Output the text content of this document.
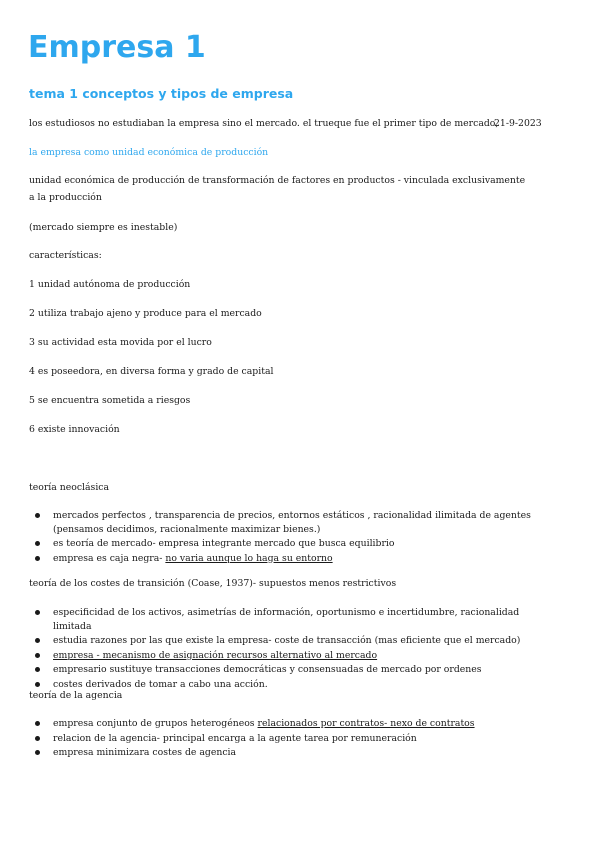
Empresa 1
tema 1 conceptos y tipos de empresa
los estudiosos no estudiaban la empresa sino el mercado. el trueque fue el primer tipo de mercado,
21-9-2023
la empresa como unidad económica de producción
unidad económica de producción de transformación de factores en productos - vinculada exclusivamente a la producción
(mercado siempre es inestable)
características:
1 unidad autónoma de producción
2 utiliza trabajo ajeno y produce para el mercado
3 su actividad esta movida por el lucro
4 es poseedora, en diversa forma y grado de capital
5 se encuentra sometida a riesgos
6 existe innovación
teoría neoclásica
mercados perfectos , transparencia de precios, entornos estáticos , racionalidad ilimitada de agentes (pensamos decidimos, racionalmente maximizar bienes.)
es teoría de mercado- empresa integrante mercado que busca equilibrio
empresa es caja negra- no varia aunque lo haga su entorno
teoría de los costes de transición (Coase, 1937)- supuestos menos restrictivos
especificidad de los activos, asimetrías de información, oportunismo e incertidumbre, racionalidad limitada
estudia razones por las que existe la empresa- coste de transacción (mas eficiente que el mercado)
empresa - mecanismo de asignación recursos alternativo al mercado
empresario sustituye transacciones democráticas y consensuadas de mercado por ordenes
costes derivados de tomar a cabo una acción.
teoría de la agencia
empresa conjunto de grupos heterogéneos relacionados por contratos- nexo de contratos
relacion de la agencia- principal encarga a la agente tarea por remuneración
empresa minimizara costes de agencia
